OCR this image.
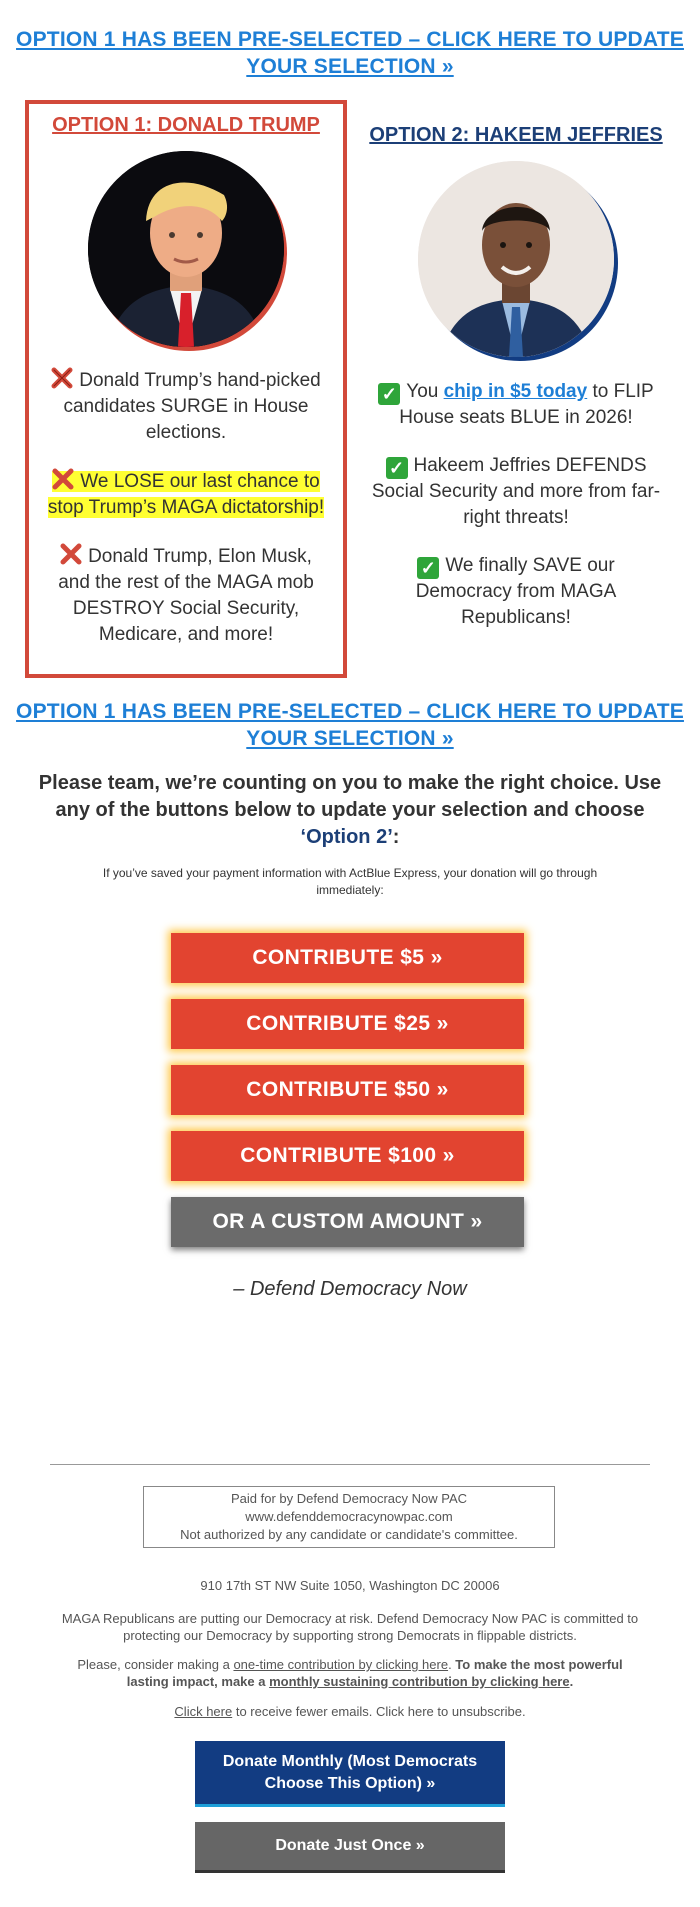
OPTION 1 HAS BEEN PRE-SELECTED – CLICK HERE TO UPDATE YOUR SELECTION »
OPTION 1: DONALD TRUMP
Donald Trump’s hand-picked candidates SURGE in House elections.
We LOSE our last chance to stop Trump’s MAGA dictatorship!
Donald Trump, Elon Musk, and the rest of the MAGA mob DESTROY Social Security, Medicare, and more!
OPTION 2: HAKEEM JEFFRIES
✓ You chip in $5 today to FLIP House seats BLUE in 2026!
✓ Hakeem Jeffries DEFENDS Social Security and more from far-right threats!
✓ We finally SAVE our Democracy from MAGA Republicans!
OPTION 1 HAS BEEN PRE-SELECTED – CLICK HERE TO UPDATE YOUR SELECTION »
Please team, we’re counting on you to make the right choice. Use any of the buttons below to update your selection and choose ‘Option 2’:
If you’ve saved your payment information with ActBlue Express, your donation will go through immediately:
CONTRIBUTE $5 »
CONTRIBUTE $25 »
CONTRIBUTE $50 »
CONTRIBUTE $100 »
OR A CUSTOM AMOUNT »
– Defend Democracy Now
Paid for by Defend Democracy Now PAC
www.defenddemocracynowpac.com
Not authorized by any candidate or candidate's committee.
910 17th ST NW Suite 1050, Washington DC 20006
MAGA Republicans are putting our Democracy at risk. Defend Democracy Now PAC is committed to protecting our Democracy by supporting strong Democrats in flippable districts.
Please, consider making a one-time contribution by clicking here. To make the most powerful lasting impact, make a monthly sustaining contribution by clicking here.
Click here to receive fewer emails. Click here to unsubscribe.
Donate Monthly (Most Democrats Choose This Option) »
Donate Just Once »
